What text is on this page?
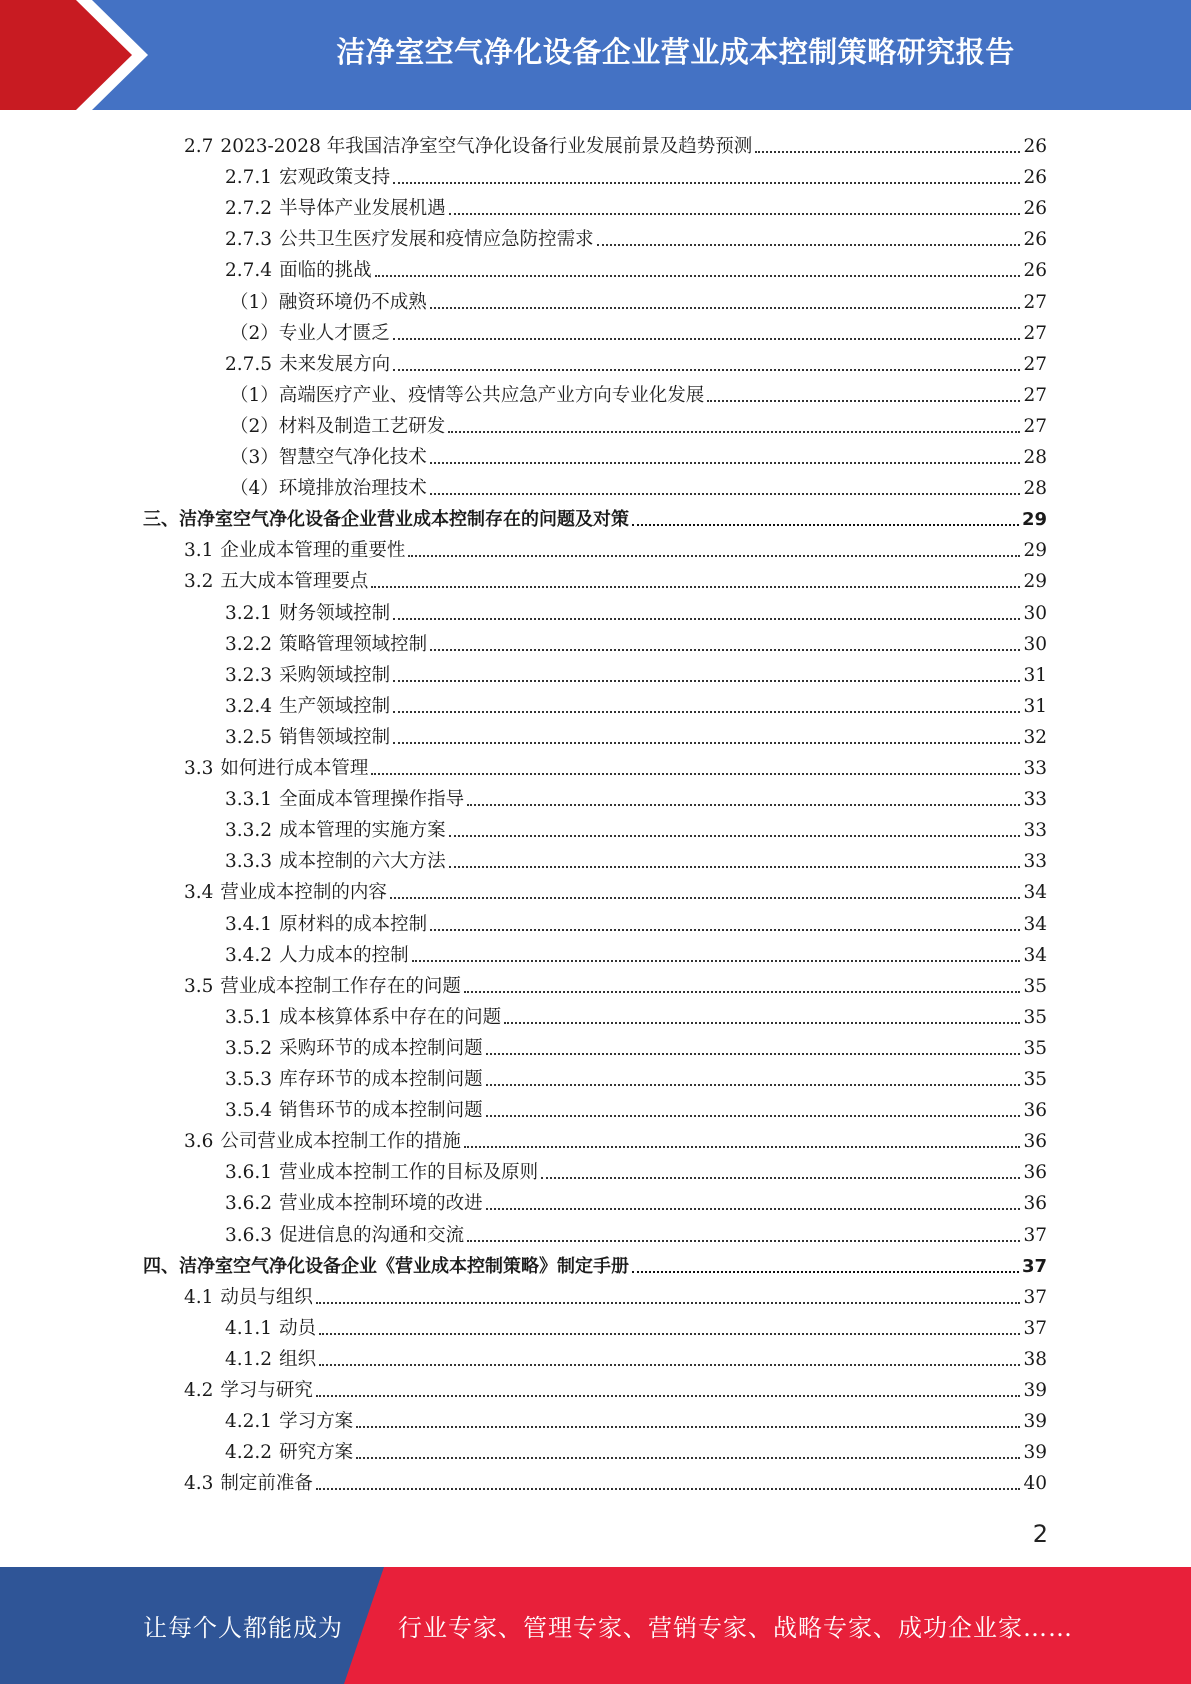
洁净室空气净化设备企业营业成本控制策略研究报告
2.7 2023-2028 年我国洁净室空气净化设备行业发展前景及趋势预测	26
2.7.1 宏观政策支持	26
2.7.2 半导体产业发展机遇	26
2.7.3 公共卫生医疗发展和疫情应急防控需求	26
2.7.4 面临的挑战	26
（1） 融资环境仍不成熟	27
（2） 专业人才匮乏	27
2.7.5 未来发展方向	27
（1） 高端医疗产业、疫情等公共应急产业方向专业化发展	27
（2） 材料及制造工艺研发	27
（3） 智慧空气净化技术	28
（4） 环境排放治理技术	28
三、 洁净室空气净化设备企业营业成本控制存在的问题及对策	29
3.1 企业成本管理的重要性	29
3.2 五大成本管理要点	29
3.2.1 财务领域控制	30
3.2.2 策略管理领域控制	30
3.2.3 采购领域控制	31
3.2.4 生产领域控制	31
3.2.5 销售领域控制	32
3.3 如何进行成本管理	33
3.3.1 全面成本管理操作指导	33
3.3.2 成本管理的实施方案	33
3.3.3 成本控制的六大方法	33
3.4 营业成本控制的内容	34
3.4.1 原材料的成本控制	34
3.4.2 人力成本的控制	34
3.5 营业成本控制工作存在的问题	35
3.5.1 成本核算体系中存在的问题	35
3.5.2 采购环节的成本控制问题	35
3.5.3 库存环节的成本控制问题	35
3.5.4 销售环节的成本控制问题	36
3.6 公司营业成本控制工作的措施	36
3.6.1 营业成本控制工作的目标及原则	36
3.6.2 营业成本控制环境的改进	36
3.6.3 促进信息的沟通和交流	37
四、 洁净室空气净化设备企业《营业成本控制策略》制定手册	37
4.1 动员与组织	37
4.1.1 动员	37
4.1.2 组织	38
4.2 学习与研究	39
4.2.1 学习方案	39
4.2.2 研究方案	39
4.3 制定前准备	40
2
让每个人都能成为 行业专家、管理专家、营销专家、战略专家、成功企业家……
